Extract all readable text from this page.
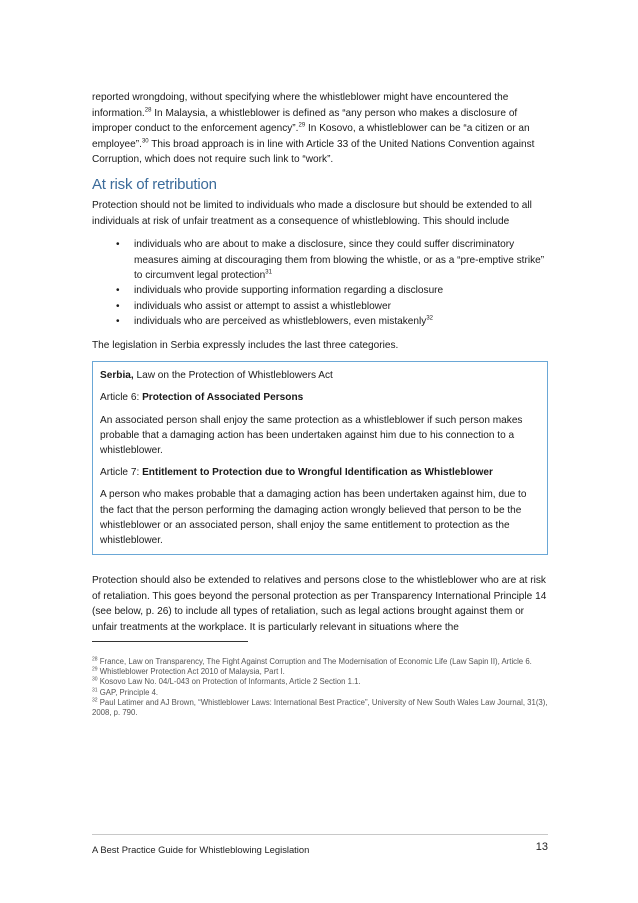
reported wrongdoing, without specifying where the whistleblower might have encountered the information.$^{28}$ In Malaysia, a whistleblower is defined as “any person who makes a disclosure of improper conduct to the enforcement agency”.$^{29}$ In Kosovo, a whistleblower can be “a citizen or an employee”.$^{30}$ This broad approach is in line with Article 33 of the United Nations Convention against Corruption, which does not require such link to “work”.

At risk of retribution

Protection should not be limited to individuals who made a disclosure but should be extended to all individuals at risk of unfair treatment as a consequence of whistleblowing. This should include

• individuals who are about to make a disclosure, since they could suffer discriminatory measures aiming at discouraging them from blowing the whistle, or as a “pre-emptive strike” to circumvent legal protection$^{31}$
• individuals who provide supporting information regarding a disclosure
• individuals who assist or attempt to assist a whistleblower
• individuals who are perceived as whistleblowers, even mistakenly$^{32}$

The legislation in Serbia expressly includes the last three categories.

Serbia, Law on the Protection of Whistleblowers Act

Article 6: Protection of Associated Persons

An associated person shall enjoy the same protection as a whistleblower if such person makes probable that a damaging action has been undertaken against him due to his connection to a whistleblower.

Article 7: Entitlement to Protection due to Wrongful Identification as Whistleblower

A person who makes probable that a damaging action has been undertaken against him, due to the fact that the person performing the damaging action wrongly believed that person to be the whistleblower or an associated person, shall enjoy the same entitlement to protection as the whistleblower.

Protection should also be extended to relatives and persons close to the whistleblower who are at risk of retaliation. This goes beyond the personal protection as per Transparency International Principle 14 (see below, p. 26) to include all types of retaliation, such as legal actions brought against them or unfair treatments at the workplace. It is particularly relevant in situations where the

$^{28}$ France, Law on Transparency, The Fight Against Corruption and The Modernisation of Economic Life (Law Sapin II), Article 6.

$^{29}$ Whistleblower Protection Act 2010 of Malaysia, Part I.

$^{30}$ Kosovo Law No. 04/L-043 on Protection of Informants, Article 2 Section 1.1.

$^{31}$ GAP, Principle 4.

$^{32}$ Paul Latimer and AJ Brown, “Whistleblower Laws: International Best Practice”, University of New South Wales Law Journal, 31(3), 2008, p. 790.

A Best Practice Guide for Whistleblowing Legislation	13
